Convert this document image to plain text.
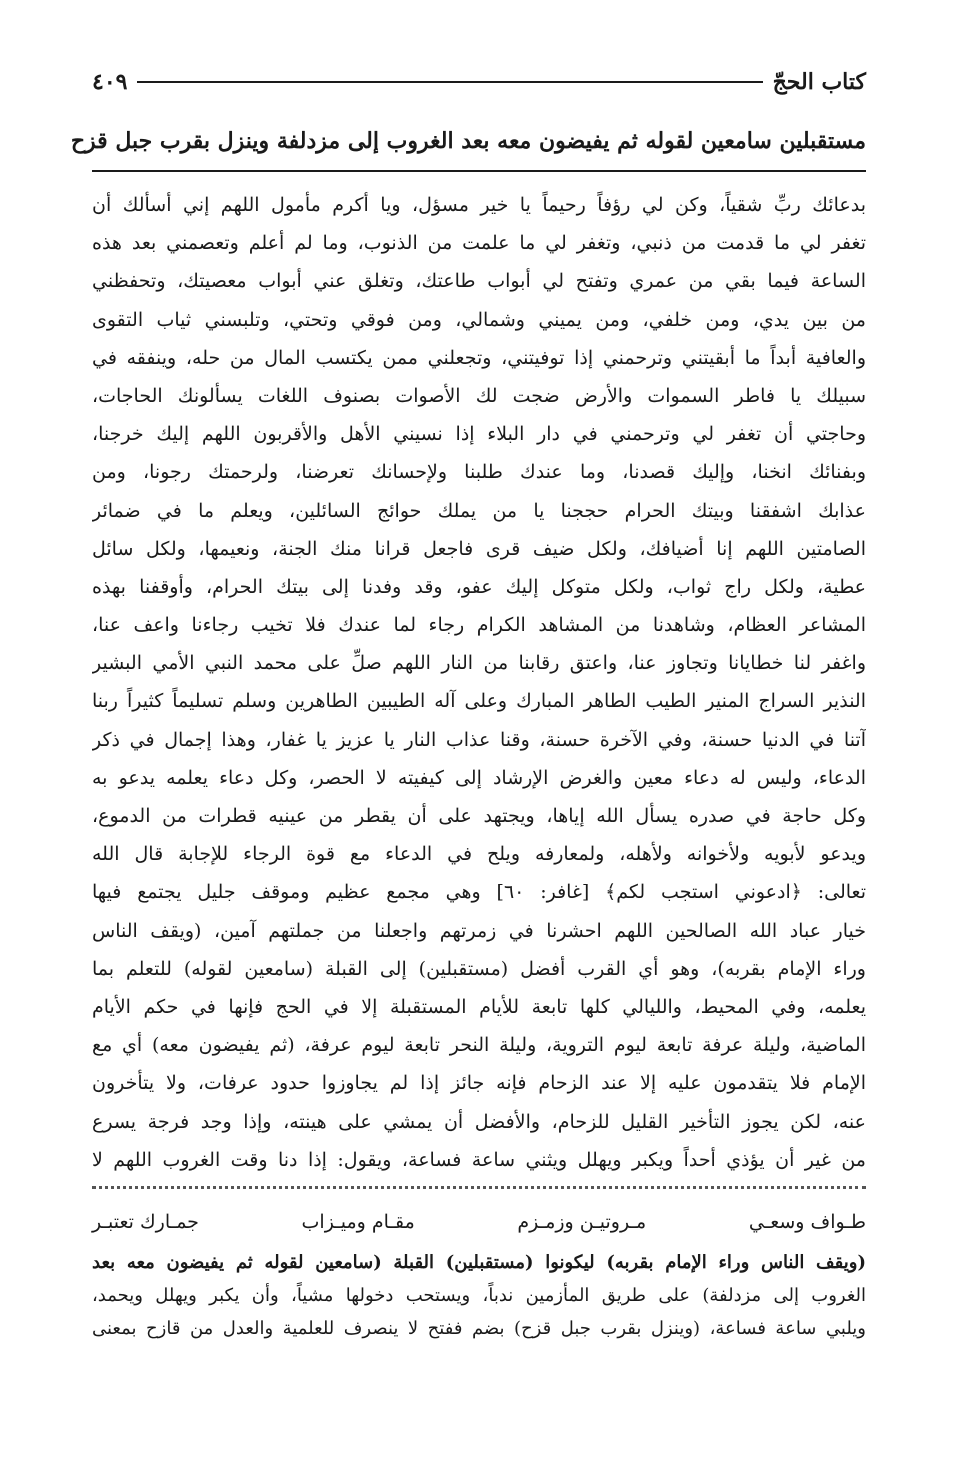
كتاب الحجّ
٤٠٩
مستقبلين سامعين لقوله ثم يفيضون معه بعد الغروب إلى مزدلفة وينزل بقرب جبل قزح
بدعائك ربِّ شقياً، وكن لي رؤفاً رحيماً يا خير مسؤل، ويا أكرم مأمول اللهم إني أسألك أن
تغفر لي ما قدمت من ذنبي، وتغفر لي ما علمت من الذنوب، وما لم أعلم وتعصمني بعد هذه
الساعة فيما بقي من عمري وتفتح لي أبواب طاعتك، وتغلق عني أبواب معصيتك، وتحفظني
من بين يدي، ومن خلفي، ومن يميني وشمالي، ومن فوقي وتحتي، وتلبسني ثياب التقوى
والعافية أبداً ما أبقيتني وترحمني إذا توفيتني، وتجعلني ممن يكتسب المال من حله، وينفقه في
سبيلك يا فاطر السموات والأرض ضجت لك الأصوات بصنوف اللغات يسألونك الحاجات،
وحاجتي أن تغفر لي وترحمني في دار البلاء إذا نسيني الأهل والأقربون اللهم إليك خرجنا،
وبفنائك انخنا، وإليك قصدنا، وما عندك طلبنا ولإحسانك تعرضنا، ولرحمتك رجونا، ومن
عذابك اشفقنا وبيتك الحرام حججنا يا من يملك حوائج السائلين، ويعلم ما في ضمائر
الصامتين اللهم إنا أضيافك، ولكل ضيف قرى فاجعل قرانا منك الجنة، ونعيمها، ولكل سائل
عطية، ولكل راج ثواب، ولكل متوكل إليك عفو، وقد وفدنا إلى بيتك الحرام، وأوقفنا بهذه
المشاعر العظام، وشاهدنا من المشاهد الكرام رجاء لما عندك فلا تخيب رجاءنا واعف عنا،
واغفر لنا خطايانا وتجاوز عنا، واعتق رقابنا من النار اللهم صلِّ على محمد النبي الأمي البشير
النذير السراج المنير الطيب الطاهر المبارك وعلى آله الطيبين الطاهرين وسلم تسليماً كثيراً ربنا
آتنا في الدنيا حسنة، وفي الآخرة حسنة، وقنا عذاب النار يا عزيز يا غفار، وهذا إجمال في ذكر
الدعاء، وليس له دعاء معين والغرض الإرشاد إلى كيفيته لا الحصر، وكل دعاء يعلمه يدعو به
وكل حاجة في صدره يسأل الله إياها، ويجتهد على أن يقطر من عينيه قطرات من الدموع،
ويدعو لأبويه ولأخوانه ولأهله، ولمعارفه ويلح في الدعاء مع قوة الرجاء للإجابة قال الله
تعالى: ﴿ادعوني استجب لكم﴾ [غافر: ٦٠] وهي مجمع عظيم وموقف جليل يجتمع فيها
خيار عباد الله الصالحين اللهم احشرنا في زمرتهم واجعلنا من جملتهم آمين، (ويقف الناس
وراء الإمام بقربه)، وهو أي القرب أفضل (مستقبلين) إلى القبلة (سامعين لقوله) للتعلم بما
يعلمه، وفي المحيط، والليالي كلها تابعة للأيام المستقبلة إلا في الحج فإنها في حكم الأيام
الماضية، وليلة عرفة تابعة ليوم التروية، وليلة النحر تابعة ليوم عرفة، (ثم يفيضون معه) أي مع
الإمام فلا يتقدمون عليه إلا عند الزحام فإنه جائز إذا لم يجاوزوا حدود عرفات، ولا يتأخرون
عنه، لكن يجوز التأخير القليل للزحام، والأفضل أن يمشي على هينته، وإذا وجد فرجة يسرع
من غير أن يؤذي أحداً ويكبر ويهلل ويثني ساعة فساعة، ويقول: إذا دنا وقت الغروب اللهم لا
طـواف وسعـي
مـروتيـن وزمـزم
مقـام وميـزاب
جمـارك تعتبـر
(ويقف الناس وراء الإمام بقربه) ليكونوا (مستقبلين) القبلة (سامعين لقوله ثم يفيضون معه بعد
الغروب إلى مزدلفة) على طريق المأزمين ندباً، ويستحب دخولها مشياً، وأن يكبر ويهلل ويحمد،
ويلبي ساعة فساعة، (وينزل بقرب جبل قزح) بضم ففتح لا ينصرف للعلمية والعدل من قازح بمعنى
